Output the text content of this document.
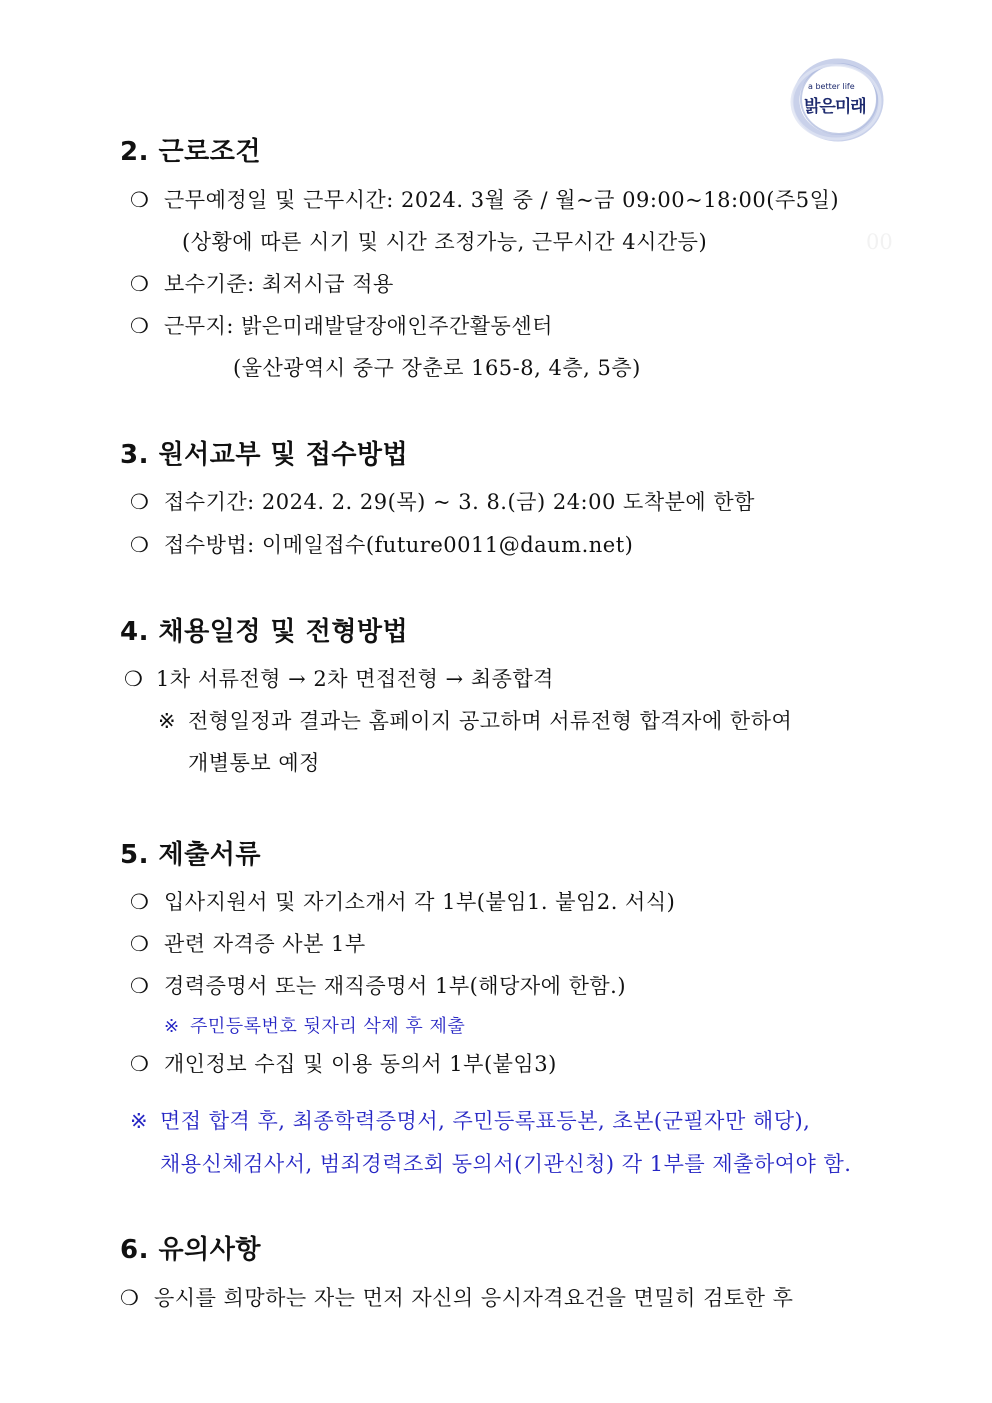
a better life
밝은미래
2. 근로조건
❍ 근무예정일 및 근무시간: 2024. 3월 중 / 월~금 09:00~18:00(주5일)
(상황에 따른 시기 및 시간 조정가능, 근무시간 4시간등)	00
❍ 보수기준: 최저시급 적용
❍ 근무지: 밝은미래발달장애인주간활동센터
(울산광역시 중구 장춘로 165-8, 4층, 5층)
3. 원서교부 및 접수방법
❍ 접수기간: 2024. 2. 29(목) ~ 3. 8.(금) 24:00 도착분에 한함
❍ 접수방법: 이메일접수(future0011@daum.net)
4. 채용일정 및 전형방법
❍ 1차 서류전형 → 2차 면접전형 → 최종합격
※ 전형일정과 결과는 홈페이지 공고하며 서류전형 합격자에 한하여
개별통보 예정
5. 제출서류
❍ 입사지원서 및 자기소개서 각 1부(붙임1. 붙임2. 서식)
❍ 관련 자격증 사본 1부
❍ 경력증명서 또는 재직증명서 1부(해당자에 한함.)
※ 주민등록번호 뒷자리 삭제 후 제출
❍ 개인정보 수집 및 이용 동의서 1부(붙임3)
※ 면접 합격 후, 최종학력증명서, 주민등록표등본, 초본(군필자만 해당),
채용신체검사서, 범죄경력조회 동의서(기관신청) 각 1부를 제출하여야 함.
6. 유의사항
❍ 응시를 희망하는 자는 먼저 자신의 응시자격요건을 면밀히 검토한 후
